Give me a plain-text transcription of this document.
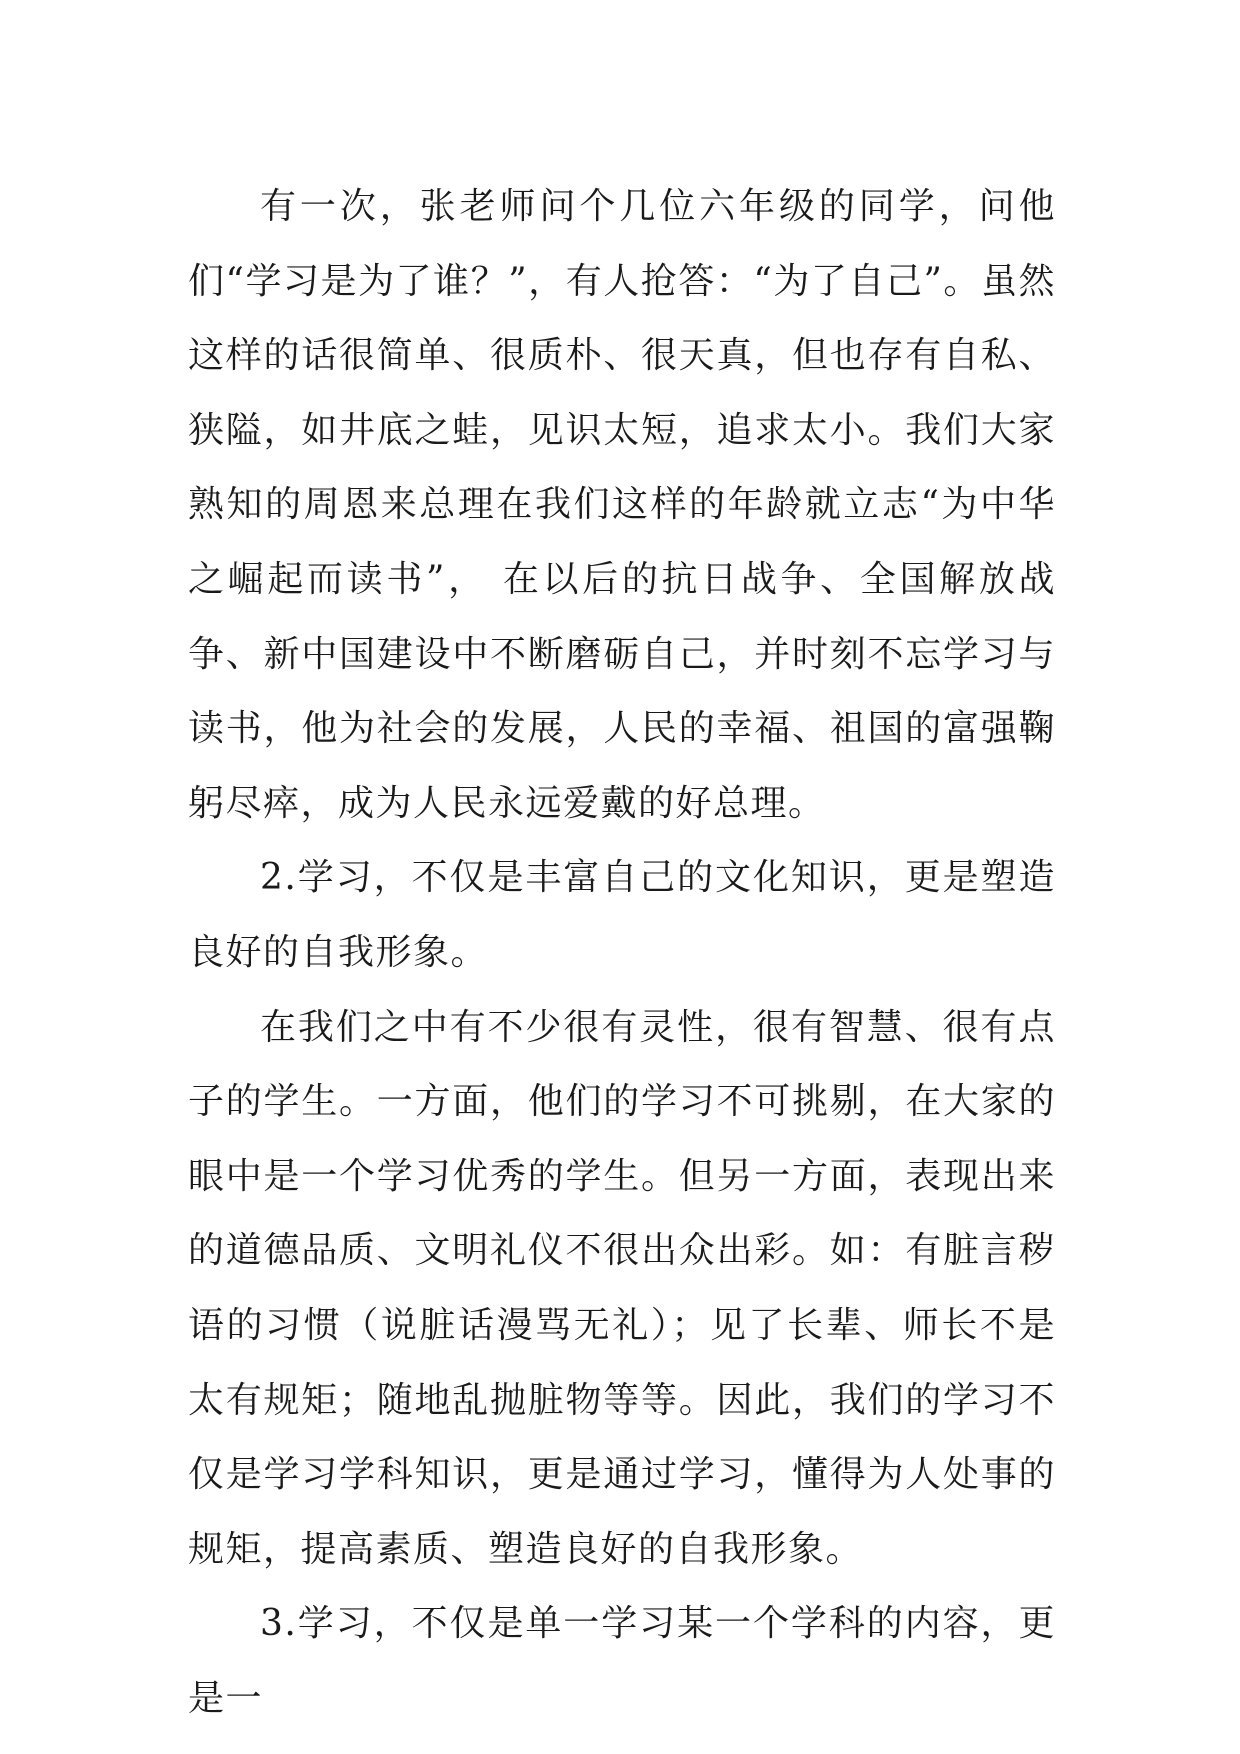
有一次，张老师问个几位六年级的同学，问他们“学习是为了谁？”，有人抢答：“为了自己”。虽然这样的话很简单、很质朴、很天真，但也存有自私、狭隘，如井底之蛙，见识太短，追求太小。我们大家熟知的周恩来总理在我们这样的年龄就立志“为中华之崛起而读书”， 在以后的抗日战争、全国解放战争、新中国建设中不断磨砺自己，并时刻不忘学习与读书，他为社会的发展，人民的幸福、祖国的富强鞠躬尽瘁，成为人民永远爱戴的好总理。

2.学习，不仅是丰富自己的文化知识，更是塑造良好的自我形象。

在我们之中有不少很有灵性，很有智慧、很有点子的学生。一方面，他们的学习不可挑剔，在大家的眼中是一个学习优秀的学生。但另一方面，表现出来的道德品质、文明礼仪不很出众出彩。如：有脏言秽语的习惯（说脏话漫骂无礼）；见了长辈、师长不是太有规矩；随地乱抛脏物等等。因此，我们的学习不仅是学习学科知识，更是通过学习，懂得为人处事的规矩，提高素质、塑造良好的自我形象。

3.学习，不仅是单一学习某一个学科的内容，更是一
